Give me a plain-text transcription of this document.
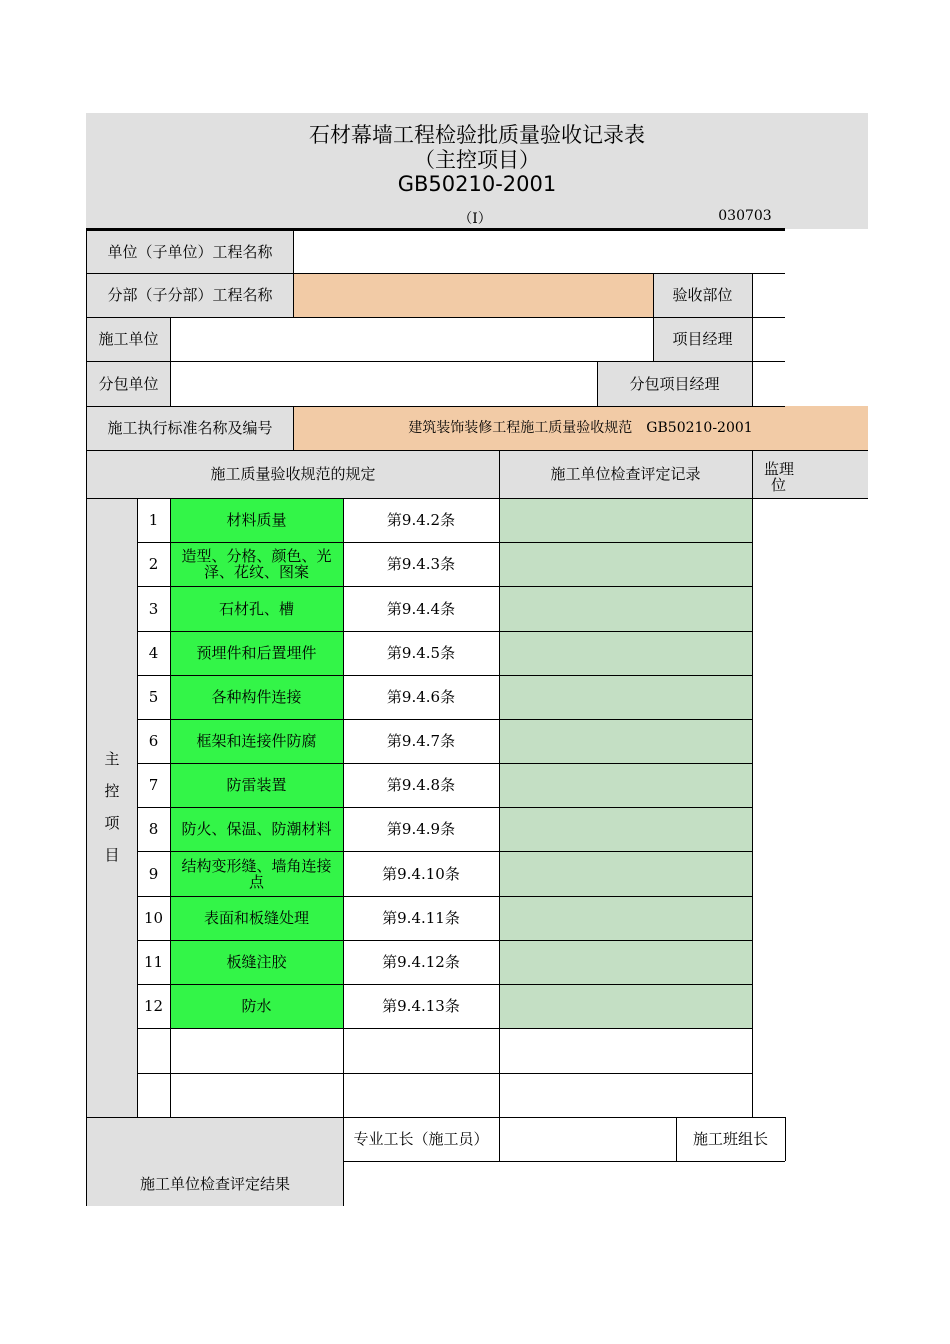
石材幕墙工程检验批质量验收记录表
（主控项目）
GB50210-2001
（Ⅰ）	030703
单位（子单位）工程名称
分部（子分部）工程名称	验收部位
施工单位	项目经理
分包单位	分包项目经理
施工执行标准名称及编号	建筑装饰装修工程施工质量验收规范　GB50210-2001
施工质量验收规范的规定	施工单位检查评定记录	监理
位
主
控
项
目
1	材料质量	第9.4.2条
2	造型、分格、颜色、光泽、花纹、图案	第9.4.3条
3	石材孔、槽	第9.4.4条
4	预埋件和后置埋件	第9.4.5条
5	各种构件连接	第9.4.6条
6	框架和连接件防腐	第9.4.7条
7	防雷装置	第9.4.8条
8	防火、保温、防潮材料	第9.4.9条
9	结构变形缝、墙角连接点	第9.4.10条
10	表面和板缝处理	第9.4.11条
11	板缝注胶	第9.4.12条
12	防水	第9.4.13条
专业工长（施工员）	施工班组长
施工单位检查评定结果
